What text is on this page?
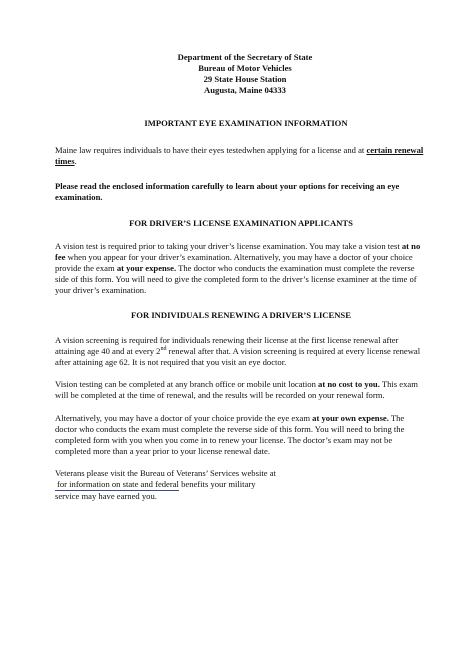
Department of the Secretary of State
Bureau of Motor Vehicles
29 State House Station
Augusta, Maine 04333
IMPORTANT EYE EXAMINATION INFORMATION

Maine law requires individuals to have their eyes testedwhen applying for a license and at certain renewal times.

Please read the enclosed information carefully to learn about your options for receiving an eye examination.

FOR DRIVER’S LICENSE EXAMINATION APPLICANTS

A vision test is required prior to taking your driver’s license examination. You may take a vision test at no fee when you appear for your driver’s examination. Alternatively, you may have a doctor of your choice provide the exam at your expense. The doctor who conducts the examination must complete the reverse side of this form. You will need to give the completed form to the driver’s license examiner at the time of your driver’s examination.

FOR INDIVIDUALS RENEWING A DRIVER’S LICENSE

A vision screening is required for individuals renewing their license at the first license renewal after attaining age 40 and at every 2nd renewal after that. A vision screening is required at every license renewal after attaining age 62. It is not required that you visit an eye doctor.

Vision testing can be completed at any branch office or mobile unit location at no cost to you. This exam will be completed at the time of renewal, and the results will be recorded on your renewal form.

Alternatively, you may have a doctor of your choice provide the eye exam at your own expense. The doctor who conducts the exam must complete the reverse side of this form. You will need to bring the completed form with you when you come in to renew your license. The doctor’s exam may not be completed more than a year prior to your license renewal date.

Veterans please visit the Bureau of Veterans’ Services website at
for information on state and federal benefits your military
service may have earned you.
